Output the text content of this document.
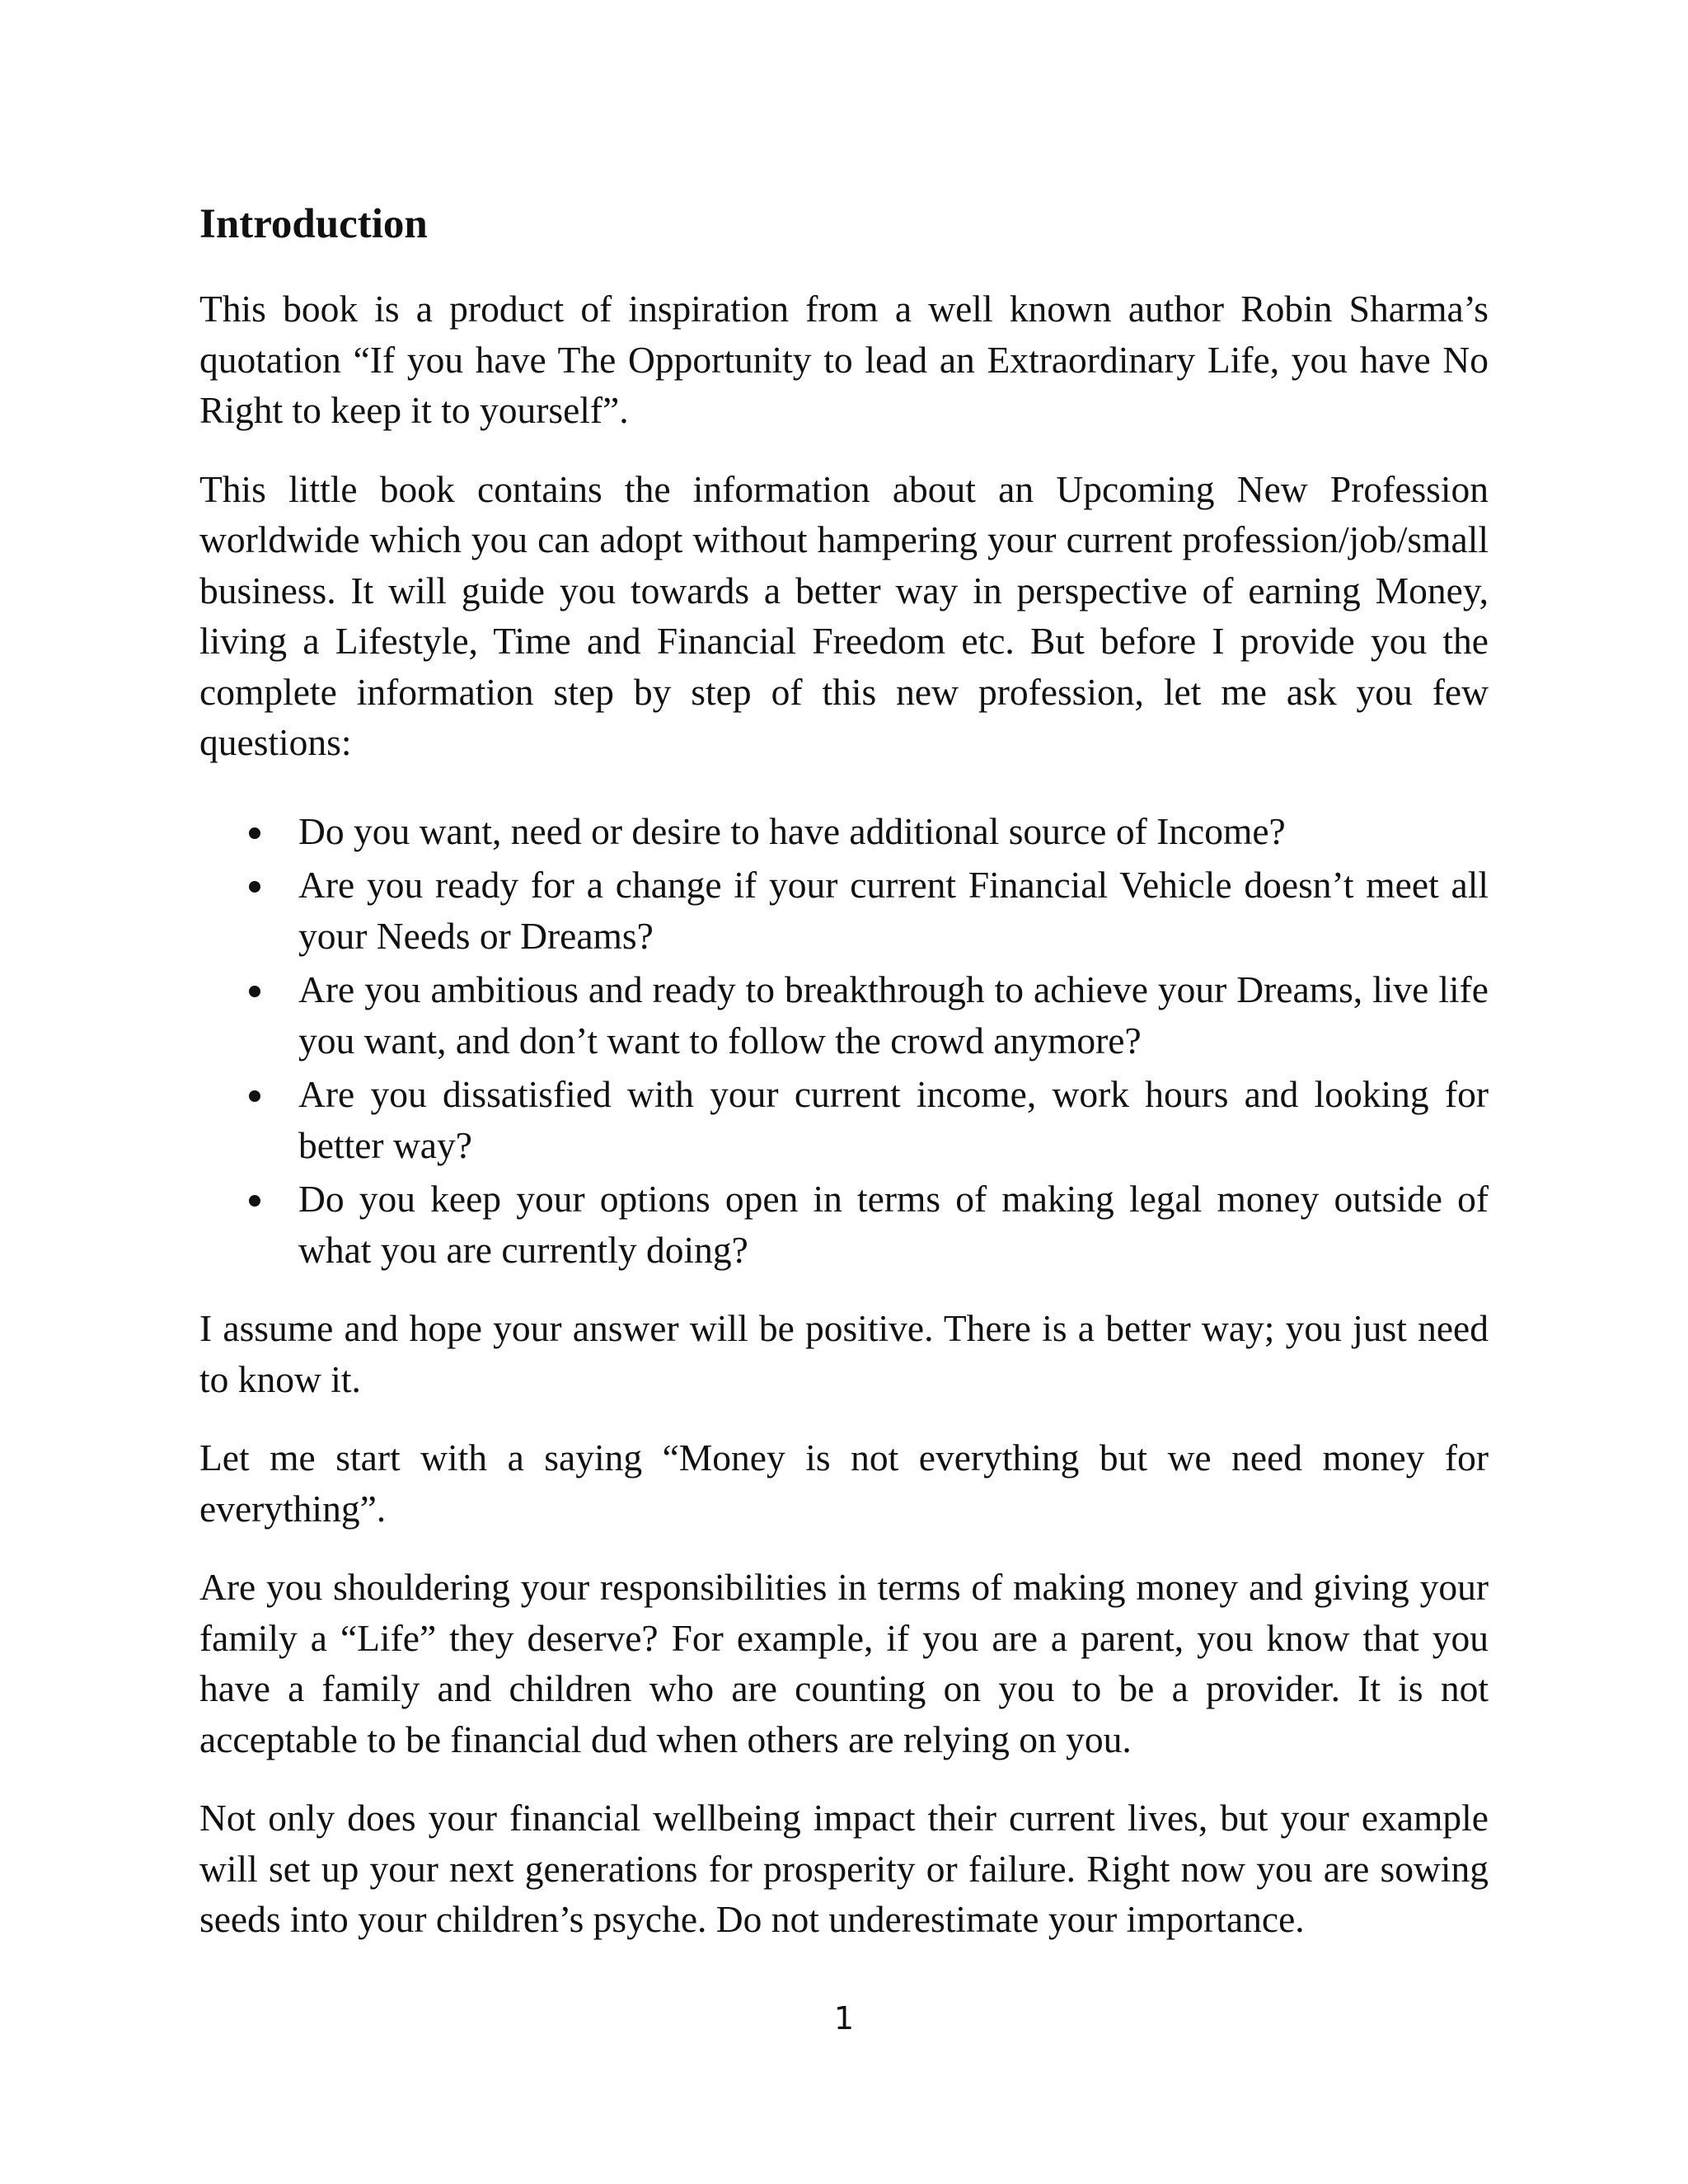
Introduction

This book is a product of inspiration from a well known author Robin Sharma’s quotation “If you have The Opportunity to lead an Extraordinary Life, you have No Right to keep it to yourself”.

This little book contains the information about an Upcoming New Profession worldwide which you can adopt without hampering your current profession/job/small business. It will guide you towards a better way in perspective of earning Money, living a Lifestyle, Time and Financial Freedom etc. But before I provide you the complete information step by step of this new profession, let me ask you few questions:

Do you want, need or desire to have additional source of Income?
Are you ready for a change if your current Financial Vehicle doesn’t meet all your Needs or Dreams?
Are you ambitious and ready to breakthrough to achieve your Dreams, live life you want, and don’t want to follow the crowd anymore?
Are you dissatisfied with your current income, work hours and looking for better way?
Do you keep your options open in terms of making legal money outside of what you are currently doing?

I assume and hope your answer will be positive. There is a better way; you just need to know it.

Let me start with a saying “Money is not everything but we need money for everything”.

Are you shouldering your responsibilities in terms of making money and giving your family a “Life” they deserve? For example, if you are a parent, you know that you have a family and children who are counting on you to be a provider. It is not acceptable to be financial dud when others are relying on you.

Not only does your financial wellbeing impact their current lives, but your example will set up your next generations for prosperity or failure. Right now you are sowing seeds into your children’s psyche. Do not underestimate your importance.

1
